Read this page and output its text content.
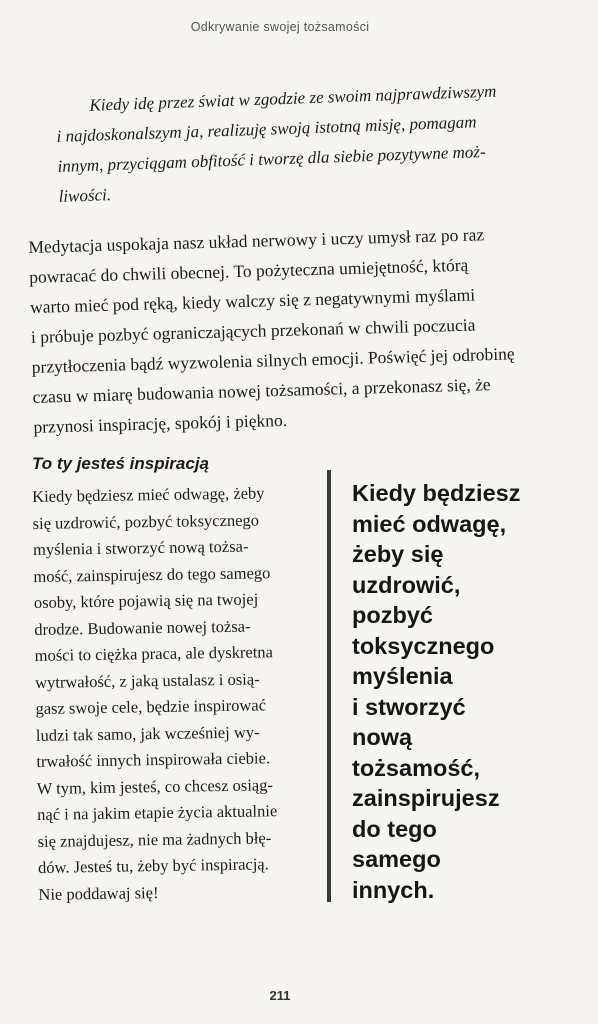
Odkrywanie swojej tożsamości
Kiedy idę przez świat w zgodzie ze swoim najprawdziwszym
i najdoskonalszym ja, realizuję swoją istotną misję, pomagam
innym, przyciągam obfitość i tworzę dla siebie pozytywne moż-
liwości.
Medytacja uspokaja nasz układ nerwowy i uczy umysł raz po raz
powracać do chwili obecnej. To pożyteczna umiejętność, którą
warto mieć pod ręką, kiedy walczy się z negatywnymi myślami
i próbuje pozbyć ograniczających przekonań w chwili poczucia
przytłoczenia bądź wyzwolenia silnych emocji. Poświęć jej odrobinę
czasu w miarę budowania nowej tożsamości, a przekonasz się, że
przynosi inspirację, spokój i piękno.
To ty jesteś inspiracją
Kiedy będziesz mieć odwagę, żeby
się uzdrowić, pozbyć toksycznego
myślenia i stworzyć nową tożsa-
mość, zainspirujesz do tego samego
osoby, które pojawią się na twojej
drodze. Budowanie nowej tożsa-
mości to ciężka praca, ale dyskretna
wytrwałość, z jaką ustalasz i osią-
gasz swoje cele, będzie inspirować
ludzi tak samo, jak wcześniej wy-
trwałość innych inspirowała ciebie.
W tym, kim jesteś, co chcesz osiąg-
nąć i na jakim etapie życia aktualnie
się znajdujesz, nie ma żadnych błę-
dów. Jesteś tu, żeby być inspiracją.
Nie poddawaj się!
Kiedy będziesz
mieć odwagę,
żeby się
uzdrowić,
pozbyć
toksycznego
myślenia
i stworzyć
nową
tożsamość,
zainspirujesz
do tego
samego
innych.
211
